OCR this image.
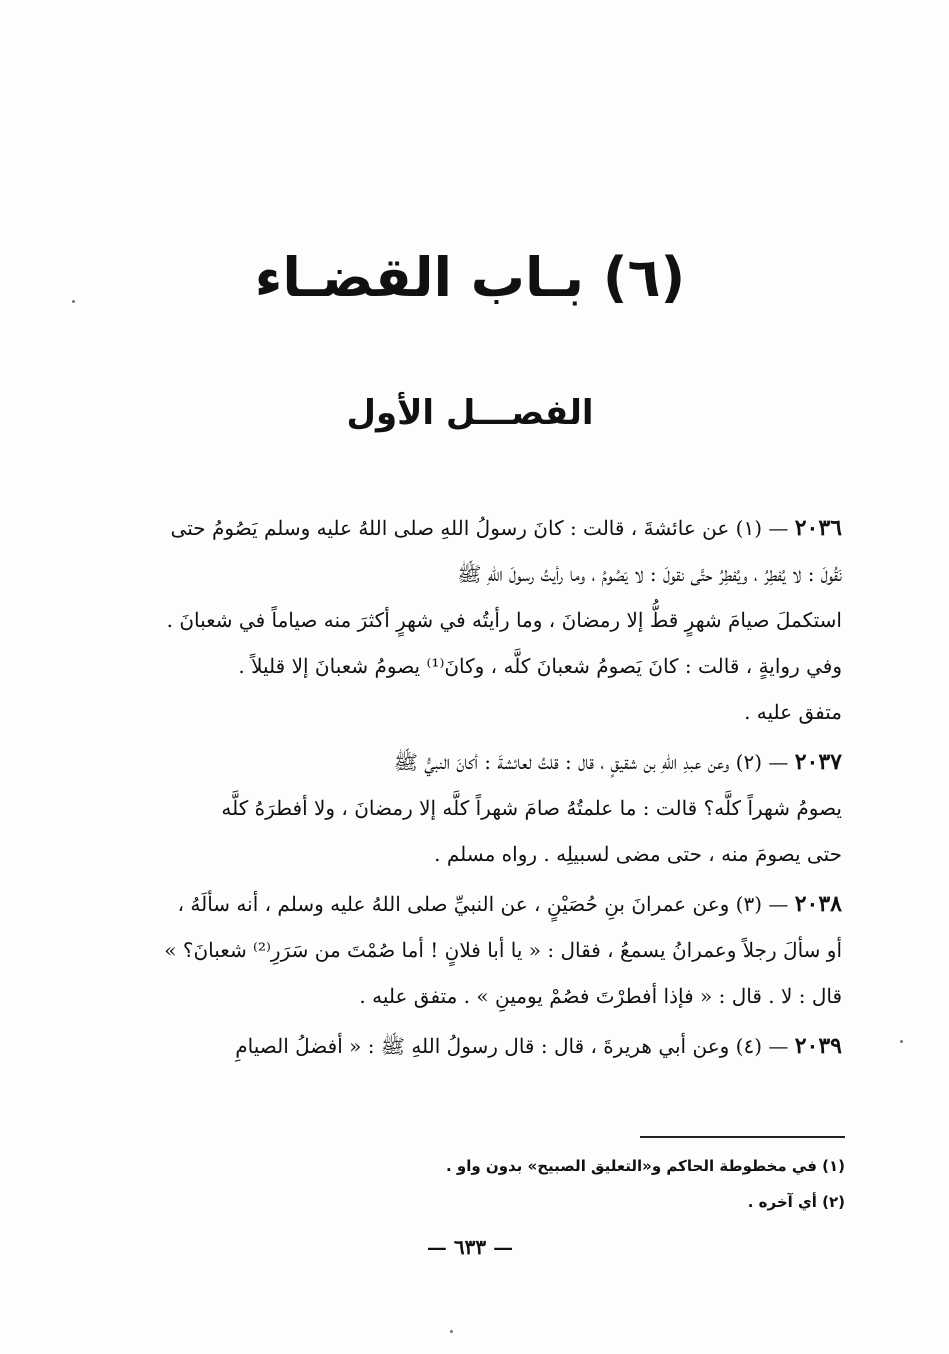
(٦) بـاب القضـاء
الفصـــل الأول
٢٠٣٦ — (١) عن عائشةَ ، قالت : كانَ رسولُ اللهِ صلى اللهُ عليه وسلم يَصُومُ حتى
نَقُولَ : لا يُفطِرُ ، ويُفطِرُ حتَّى نقولَ : لا يَصُومُ ، وما رأيتُ رسولَ اللهِ ﷺ
استكملَ صيامَ شهرٍ قطُّ إلا رمضانَ ، وما رأيتُه في شهرٍ أكثرَ منه صياماً في شعبانَ .
وفي روايةٍ ، قالت : كانَ يَصومُ شعبانَ كلَّه ، وكانَ⁽¹⁾ يصومُ شعبانَ إلا قليلاً .
متفق عليه .
٢٠٣٧ — (٢) وعن عبدِ اللهِ بن شقيقٍ ، قال : قلتُ لعائشةَ : أكانَ النبيُّ ﷺ
يصومُ شهراً كلَّه؟ قالت : ما علمتُهُ صامَ شهراً كلَّه إلا رمضانَ ، ولا أفطرَهُ كلَّه
حتى يصومَ منه ، حتى مضى لسبيلِه . رواه مسلم .
٢٠٣٨ — (٣) وعن عمرانَ بنِ حُصَيْنٍ ، عن النبيِّ صلى اللهُ عليه وسلم ، أنه سألَهُ ،
أو سألَ رجلاً وعمرانُ يسمعُ ، فقال : « يا أبا فلانٍ ! أما صُمْتَ من سَرَرِ⁽²⁾ شعبانَ؟ »
قال : لا . قال : « فإذا أفطرْتَ فصُمْ يومينِ » . متفق عليه .
٢٠٣٩ — (٤) وعن أبي هريرةَ ، قال : قال رسولُ اللهِ ﷺ : « أفضلُ الصيامِ
(١) في مخطوطة الحاكم و«التعليق الصبيح» بدون واو .
(٢) أي آخره .
— ٦٣٣ —
